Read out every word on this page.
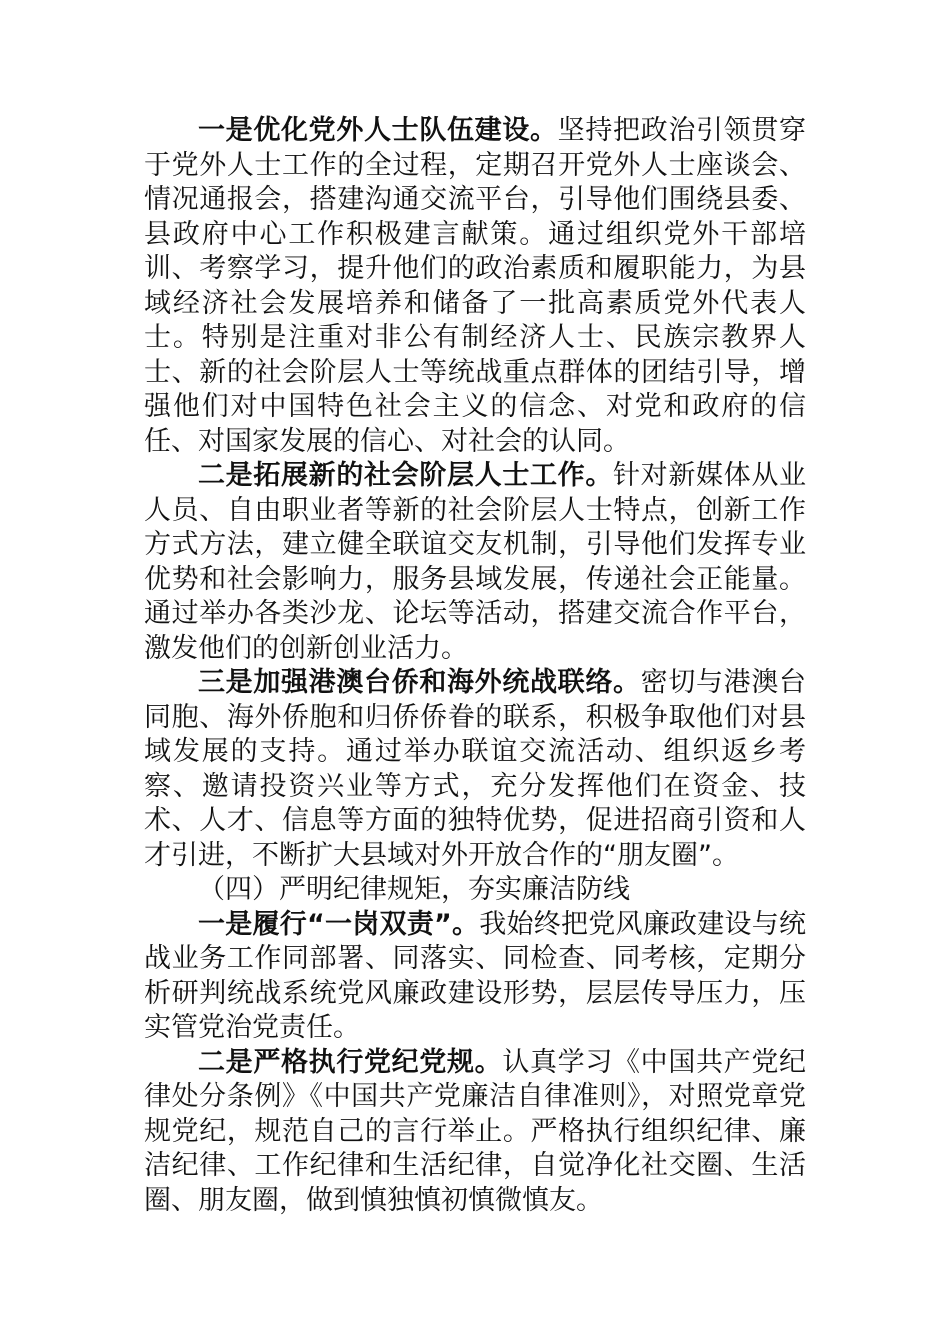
一是优化党外人士队伍建设。坚持把政治引领贯穿于党外人士工作的全过程，定期召开党外人士座谈会、情况通报会，搭建沟通交流平台，引导他们围绕县委、县政府中心工作积极建言献策。通过组织党外干部培训、考察学习，提升他们的政治素质和履职能力，为县域经济社会发展培养和储备了一批高素质党外代表人士。特别是注重对非公有制经济人士、民族宗教界人士、新的社会阶层人士等统战重点群体的团结引导，增强他们对中国特色社会主义的信念、对党和政府的信任、对国家发展的信心、对社会的认同。

二是拓展新的社会阶层人士工作。针对新媒体从业人员、自由职业者等新的社会阶层人士特点，创新工作方式方法，建立健全联谊交友机制，引导他们发挥专业优势和社会影响力，服务县域发展，传递社会正能量。通过举办各类沙龙、论坛等活动，搭建交流合作平台，激发他们的创新创业活力。

三是加强港澳台侨和海外统战联络。密切与港澳台同胞、海外侨胞和归侨侨眷的联系，积极争取他们对县域发展的支持。通过举办联谊交流活动、组织返乡考察、邀请投资兴业等方式，充分发挥他们在资金、技术、人才、信息等方面的独特优势，促进招商引资和人才引进，不断扩大县域对外开放合作的“朋友圈”。

（四）严明纪律规矩，夯实廉洁防线

一是履行“一岗双责”。我始终把党风廉政建设与统战业务工作同部署、同落实、同检查、同考核，定期分析研判统战系统党风廉政建设形势，层层传导压力，压实管党治党责任。

二是严格执行党纪党规。认真学习《中国共产党纪律处分条例》《中国共产党廉洁自律准则》，对照党章党规党纪，规范自己的言行举止。严格执行组织纪律、廉洁纪律、工作纪律和生活纪律，自觉净化社交圈、生活圈、朋友圈，做到慎独慎初慎微慎友。
